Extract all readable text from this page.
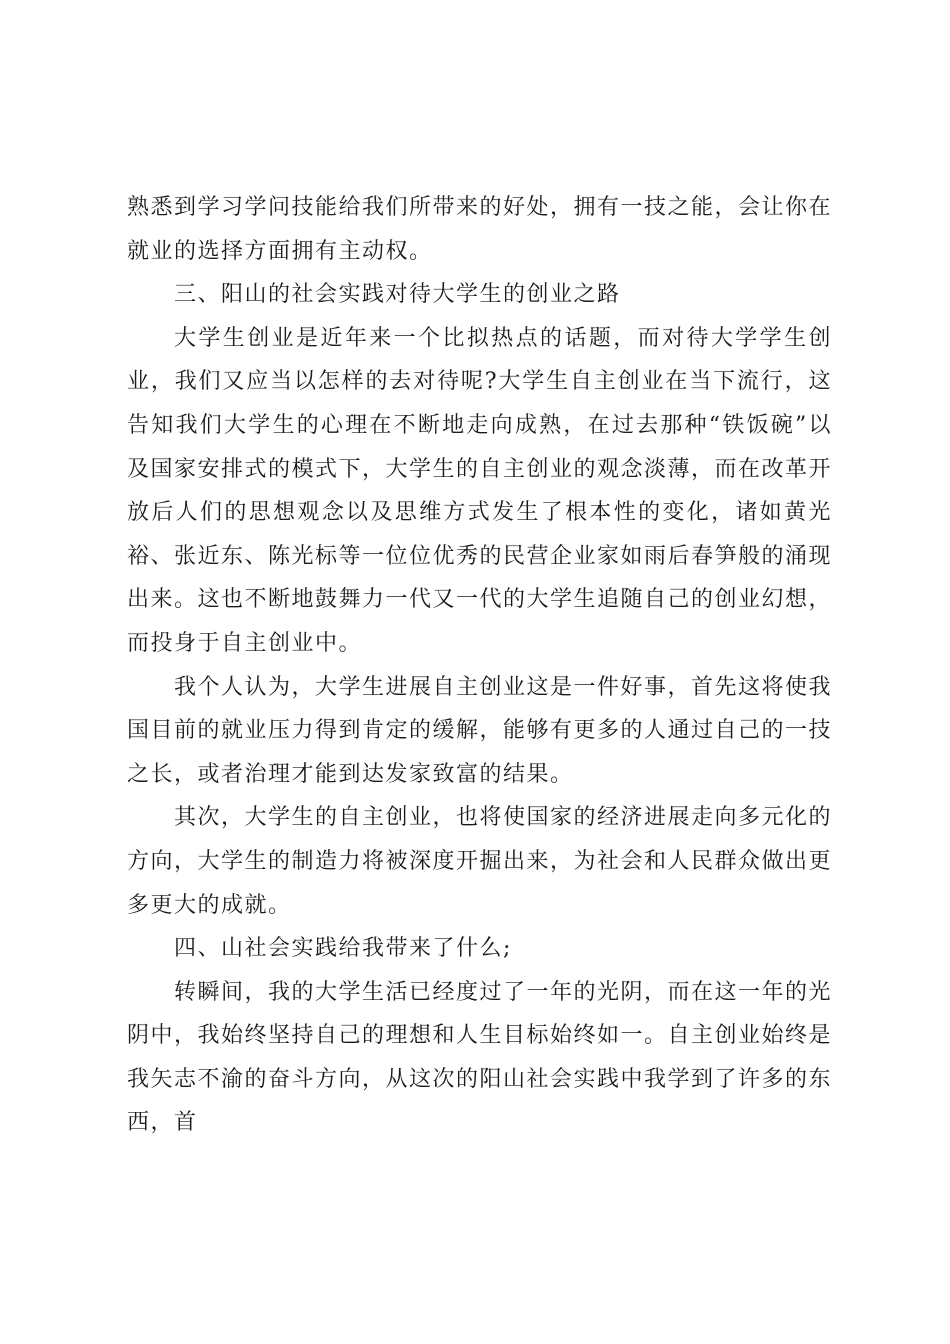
熟悉到学习学问技能给我们所带来的好处，拥有一技之能，会让你在就业的选择方面拥有主动权。

三、阳山的社会实践对待大学生的创业之路

大学生创业是近年来一个比拟热点的话题，而对待大学学生创业，我们又应当以怎样的去对待呢?大学生自主创业在当下流行，这告知我们大学生的心理在不断地走向成熟，在过去那种“铁饭碗”以及国家安排式的模式下，大学生的自主创业的观念淡薄，而在改革开放后人们的思想观念以及思维方式发生了根本性的变化，诸如黄光裕、张近东、陈光标等一位位优秀的民营企业家如雨后春笋般的涌现出来。这也不断地鼓舞力一代又一代的大学生追随自己的创业幻想，而投身于自主创业中。

我个人认为，大学生进展自主创业这是一件好事，首先这将使我国目前的就业压力得到肯定的缓解，能够有更多的人通过自己的一技之长，或者治理才能到达发家致富的结果。

其次，大学生的自主创业，也将使国家的经济进展走向多元化的方向，大学生的制造力将被深度开掘出来，为社会和人民群众做出更多更大的成就。

四、山社会实践给我带来了什么;

转瞬间，我的大学生活已经度过了一年的光阴，而在这一年的光阴中，我始终坚持自己的理想和人生目标始终如一。自主创业始终是我矢志不渝的奋斗方向，从这次的阳山社会实践中我学到了许多的东西，首
